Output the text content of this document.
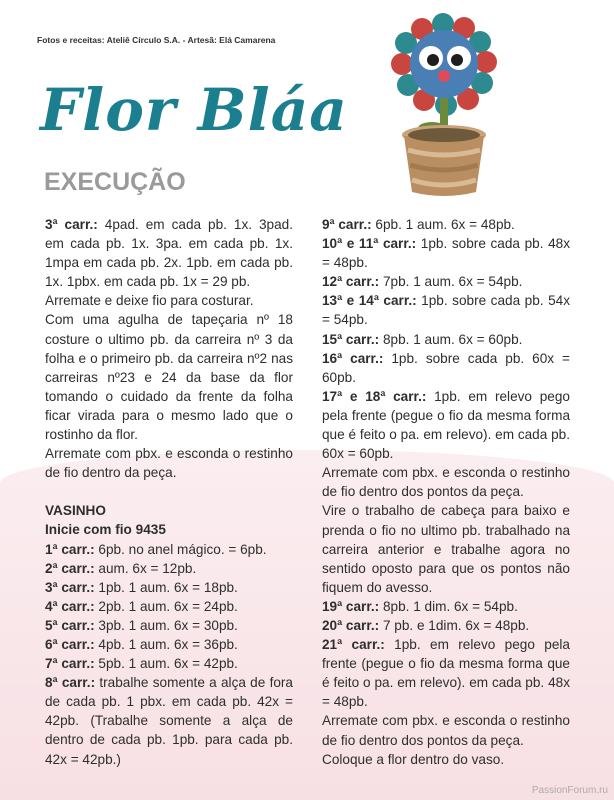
Fotos e receitas: Ateliê Círculo S.A. - Artesã: Elá Camarena
Flor Bláa
EXECUÇÃO

3ª carr.: 4pad. em cada pb. 1x. 3pad. em cada pb. 1x. 3pa. em cada pb. 1x. 1mpa em cada pb. 2x. 1pb. em cada pb. 1x. 1pbx. em cada pb. 1x = 29 pb.

Arremate e deixe fio para costurar.

Com uma agulha de tapeçaria nº 18 costure o ultimo pb. da carreira nº 3 da folha e o primeiro pb. da carreira nº2 nas carreiras nº23 e 24 da base da flor tomando o cuidado da frente da folha ficar virada para o mesmo lado que o rostinho da flor.

Arremate com pbx. e esconda o restinho de fio dentro da peça.

VASINHO

Inicie com fio 9435

1ª carr.: 6pb. no anel mágico. = 6pb.

2ª carr.: aum. 6x = 12pb.

3ª carr.: 1pb. 1 aum. 6x = 18pb.

4ª carr.: 2pb. 1 aum. 6x = 24pb.

5ª carr.: 3pb. 1 aum. 6x = 30pb.

6ª carr.: 4pb. 1 aum. 6x = 36pb.

7ª carr.: 5pb. 1 aum. 6x = 42pb.

8ª carr.: trabalhe somente a alça de fora de cada pb. 1 pbx. em cada pb. 42x = 42pb. (Trabalhe somente a alça de dentro de cada pb. 1pb. para cada pb. 42x = 42pb.)

9ª carr.: 6pb. 1 aum. 6x = 48pb.

10ª e 11ª carr.: 1pb. sobre cada pb. 48x = 48pb.

12ª carr.: 7pb. 1 aum. 6x = 54pb.

13ª e 14ª carr.: 1pb. sobre cada pb. 54x = 54pb.

15ª carr.: 8pb. 1 aum. 6x = 60pb.

16ª carr.: 1pb. sobre cada pb. 60x = 60pb.

17ª e 18ª carr.: 1pb. em relevo pego pela frente (pegue o fio da mesma forma que é feito o pa. em relevo). em cada pb. 60x = 60pb.

Arremate com pbx. e esconda o restinho de fio dentro dos pontos da peça.

Vire o trabalho de cabeça para baixo e prenda o fio no ultimo pb. trabalhado na carreira anterior e trabalhe agora no sentido oposto para que os pontos não fiquem do avesso.

19ª carr.: 8pb. 1 dim. 6x = 54pb.

20ª carr.: 7 pb. e 1dim. 6x = 48pb.

21ª carr.: 1pb. em relevo pego pela frente (pegue o fio da mesma forma que é feito o pa. em relevo). em cada pb. 48x = 48pb.

Arremate com pbx. e esconda o restinho de fio dentro dos pontos da peça.

Coloque a flor dentro do vaso.

PassionForum.ru
